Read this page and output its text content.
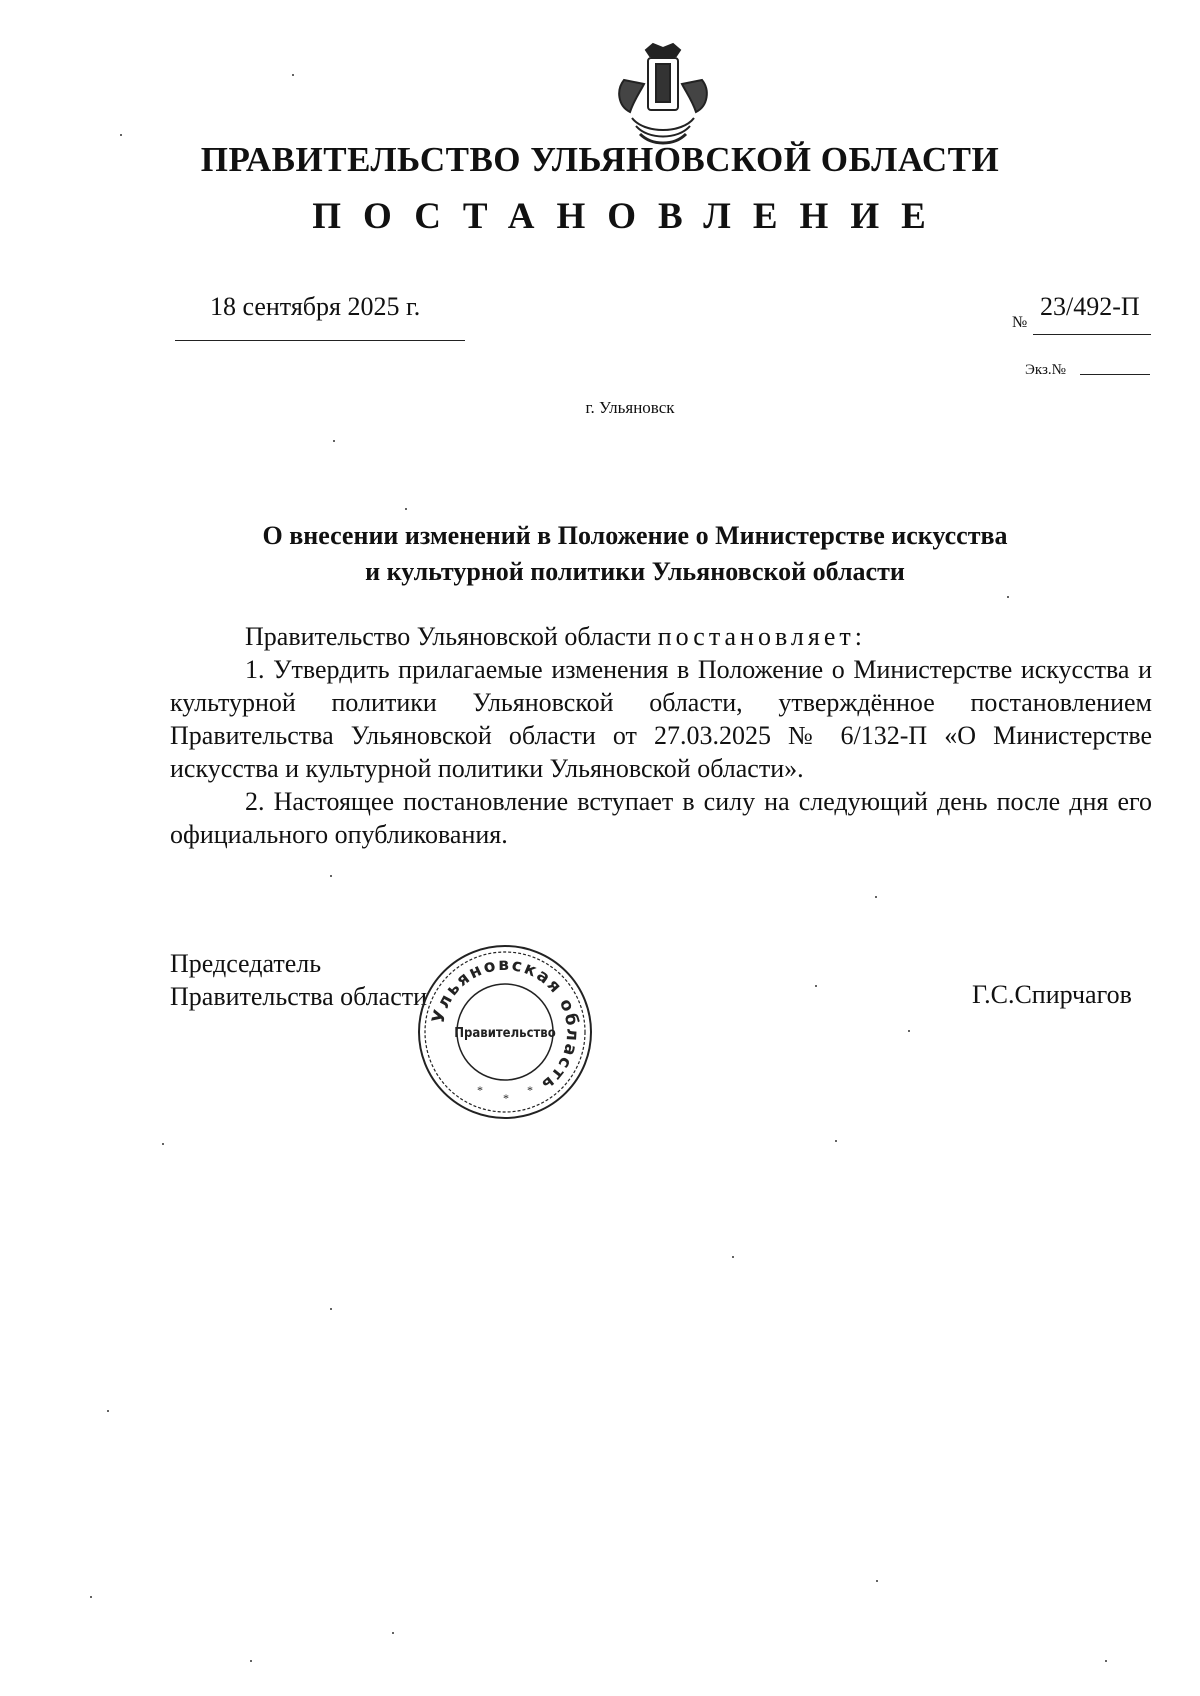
ПРАВИТЕЛЬСТВО УЛЬЯНОВСКОЙ ОБЛАСТИ
ПОСТАНОВЛЕНИЕ
18 сентября 2025 г.
№
23/492-П
Экз.№
г. Ульяновск
О внесении изменений в Положение о Министерстве искусства
и культурной политики Ульяновской области

Правительство Ульяновской области постановляет:

1. Утвердить прилагаемые изменения в Положение о Министерстве искусства и культурной политики Ульяновской области, утверждённое постановлением Правительства Ульяновской области от 27.03.2025 № 6/132-П «О Министерстве искусства и культурной политики Ульяновской области».

2. Настоящее постановление вступает в силу на следующий день после дня его официального опубликования.

Председатель
Правительства области	Г.С.Спирчагов
Ульяновская область
Правительство
*	*
*
